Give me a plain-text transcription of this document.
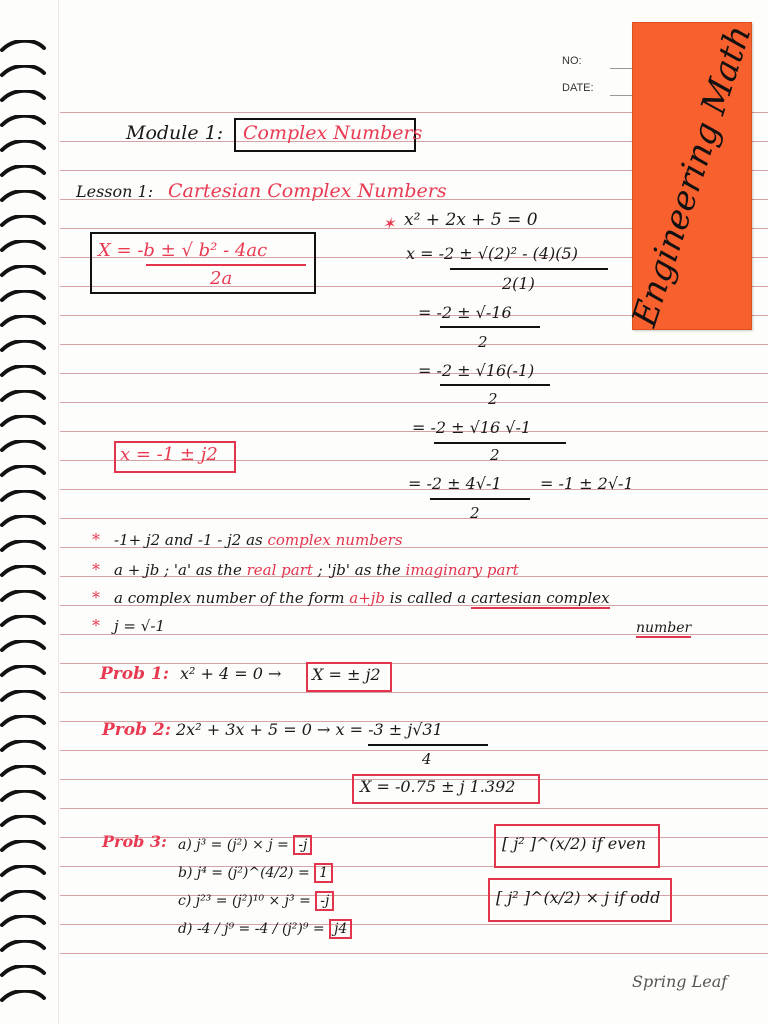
NO:
DATE: Engineering Math
Module 1: Complex Numbers
Lesson 1: Cartesian Complex Numbers
X = -b ± √ b² - 4ac
2a
✶ x² + 2x + 5 = 0
x = -2 ± √(2)² - (4)(5)
2(1)
= -2 ± √-16
2
= -2 ± √16(-1)
2
= -2 ± √16 √-1
2
= -2 ± 4√-1 = -1 ± 2√-1
2
x = -1 ± j2
* -1+ j2 and -1 - j2 as complex numbers
* a + jb ; 'a' as the real part ; 'jb' as the imaginary part
* a complex number of the form a+jb is called a cartesian complex
* j = √-1	number
Prob 1: x² + 4 = 0 → X = ± j2
Prob 2: 2x² + 3x + 5 = 0 → x = -3 ± j√31
4
X = -0.75 ± j 1.392
Prob 3: a) j³ = (j²) × j = -j
b) j⁴ = (j²)^(4/2) = 1
c) j²³ = (j²)¹⁰ × j³ = -j
d) -4 / j⁹ = -4 / (j²)⁹ = j4
[ j² ]^(x/2) if even
[ j² ]^(x/2) × j if odd
Spring Leaf
